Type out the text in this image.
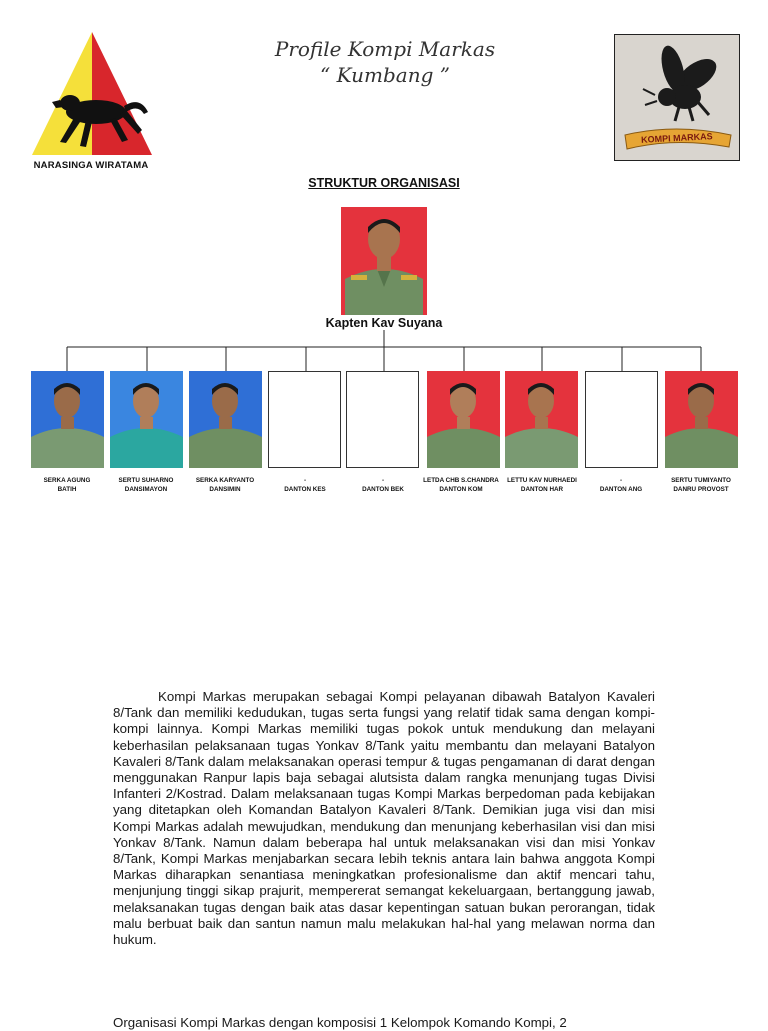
NARASINGA WIRATAMA
Profile Kompi Markas
“ Kumbang ”
KOMPI MARKAS
STRUKTUR ORGANISASI
Kapten Kav Suyana
SERKA AGUNG
BATIH
SERTU SUHARNO
DANSIMAYON
SERKA KARYANTO
DANSIMIN
-
DANTON KES
-
DANTON BEK
LETDA CHB S.CHANDRA
DANTON KOM
LETTU KAV NURHAEDI
DANTON HAR
-
DANTON ANG
SERTU TUMIYANTO
DANRU PROVOST
Kompi Markas merupakan sebagai Kompi pelayanan dibawah Batalyon Kavaleri 8/Tank dan memiliki kedudukan, tugas serta fungsi yang relatif tidak sama dengan kompi-kompi lainnya. Kompi Markas memiliki tugas pokok untuk mendukung dan melayani keberhasilan pelaksanaan tugas Yonkav 8/Tank yaitu membantu dan melayani Batalyon Kavaleri 8/Tank dalam melaksanakan operasi tempur & tugas pengamanan di darat dengan menggunakan Ranpur lapis baja sebagai alutsista dalam rangka menunjang tugas Divisi Infanteri 2/Kostrad. Dalam melaksanaan tugas Kompi Markas berpedoman pada kebijakan yang ditetapkan oleh Komandan Batalyon Kavaleri 8/Tank. Demikian juga visi dan misi Kompi Markas adalah mewujudkan, mendukung dan menunjang keberhasilan visi dan misi Yonkav 8/Tank. Namun dalam beberapa hal untuk melaksanakan visi dan misi Yonkav 8/Tank, Kompi Markas menjabarkan secara lebih teknis antara lain bahwa anggota Kompi Markas diharapkan senantiasa meningkatkan profesionalisme dan aktif mencari tahu, menjunjung tinggi sikap prajurit, mempererat semangat kekeluargaan, bertanggung jawab, melaksanakan tugas dengan baik atas dasar kepentingan satuan bukan perorangan, tidak malu berbuat baik dan santun namun malu melakukan hal-hal yang melawan norma dan hukum.
Organisasi Kompi Markas dengan komposisi 1 Kelompok Komando Kompi, 2
